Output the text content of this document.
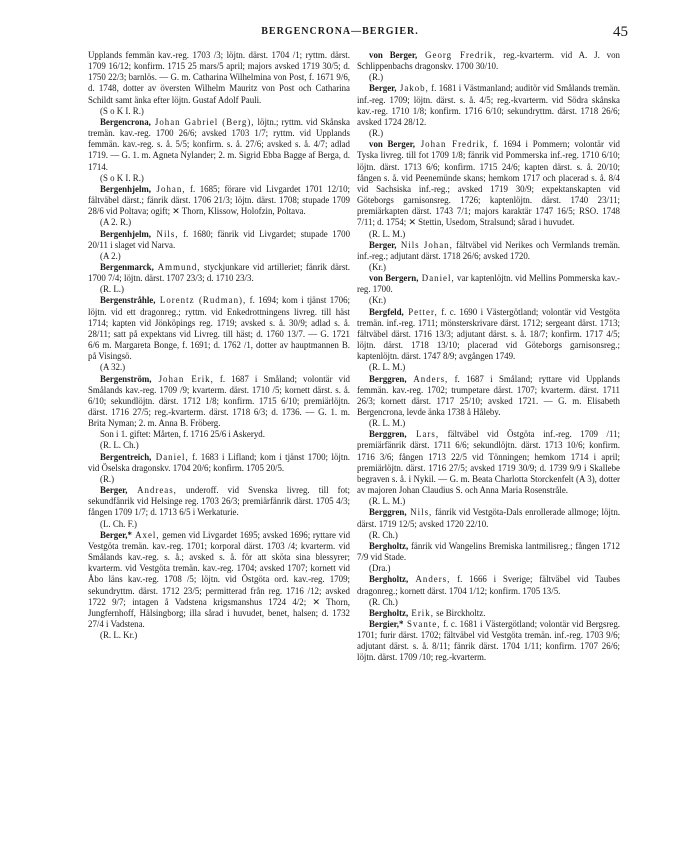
BERGENCRONA—BERGIER.	45

Upplands femmän kav.-reg. 1703 /3; löjtn. därst. 1704 /1; ryttm. därst. 1709 16/12; konfirm. 1715 25 mars/5 april; majors avsked 1719 30/5; d. 1750 22/3; barnlös. — G. m. Catharina Wilhelmina von Post, f. 1671 9/6, d. 1748, dotter av översten Wilhelm Mauritz von Post och Catharina Schildt samt änka efter löjtn. Gustaf Adolf Pauli.

(S o K I. R.)

Bergencrona, Johan Gabriel (Berg), löjtn.; ryttm. vid Skånska tremän. kav.-reg. 1700 26/6; avsked 1703 1/7; ryttm. vid Upplands femmän. kav.-reg. s. å. 5/5; konfirm. s. å. 27/6; avsked s. å. 4/7; adlad 1719. — G. 1. m. Agneta Nylander; 2. m. Sigrid Ebba Bagge af Berga, d. 1714.

(S o K I. R.)

Bergenhjelm, Johan, f. 1685; förare vid Livgardet 1701 12/10; fältväbel därst.; fänrik därst. 1706 21/3; löjtn. därst. 1708; stupade 1709 28/6 vid Poltava; ogift; ✕ Thorn, Klissow, Holofzin, Poltava.

(A 2. R.)

Bergenhjelm, Nils, f. 1680; fänrik vid Livgardet; stupade 1700 20/11 i slaget vid Narva.

(A 2.)

Bergenmarck, Ammund, styckjunkare vid artilleriet; fänrik därst. 1700 7/4; löjtn. därst. 1707 23/3; d. 1710 23/3.

(R. L.)

Bergenstråhle, Lorentz (Rudman), f. 1694; kom i tjänst 1706; löjtn. vid ett dragonreg.; ryttm. vid Enkedrottningens livreg. till häst 1714; kapten vid Jönköpings reg. 1719; avsked s. å. 30/9; adlad s. å. 28/11; satt på expektans vid Livreg. till häst; d. 1760 13/7. — G. 1721 6/6 m. Margareta Bonge, f. 1691; d. 1762 /1, dotter av hauptmannen B. på Visingsö.

(A 32.)

Bergenström, Johan Erik, f. 1687 i Småland; volontär vid Smålands kav.-reg. 1709 /9; kvarterm. därst. 1710 /5; kornett därst. s. å. 6/10; sekundlöjtn. därst. 1712 1/8; konfirm. 1715 6/10; premiärlöjtn. därst. 1716 27/5; reg.-kvarterm. därst. 1718 6/3; d. 1736. — G. 1. m. Brita Nyman; 2. m. Anna B. Fröberg.

Son i 1. giftet: Mårten, f. 1716 25/6 i Askeryd.

(R. L. Ch.)

Bergentreich, Daniel, f. 1683 i Lifland; kom i tjänst 1700; löjtn. vid Öselska dragonskv. 1704 20/6; konfirm. 1705 20/5.

(R.)

Berger, Andreas, underoff. vid Svenska livreg. till fot; sekundfänrik vid Helsinge reg. 1703 26/3; premiärfänrik därst. 1705 4/3; fången 1709 1/7; d. 1713 6/5 i Werkaturie.

(L. Ch. F.)

Berger,* Axel, gemen vid Livgardet 1695; avsked 1696; ryttare vid Vestgöta tremän. kav.-reg. 1701; korporal därst. 1703 /4; kvarterm. vid Smålands kav.-reg. s. å.; avsked s. å. för att sköta sina blessyrer; kvarterm. vid Vestgöta tremän. kav.-reg. 1704; avsked 1707; kornett vid Åbo läns kav.-reg. 1708 /5; löjtn. vid Östgöta ord. kav.-reg. 1709; sekundryttm. därst. 1712 23/5; permitterad från reg. 1716 /12; avsked 1722 9/7; intagen å Vadstena krigsmanshus 1724 4/2; ✕ Thorn, Jungfernhoff, Hälsingborg; illa sårad i huvudet, benet, halsen; d. 1732 27/4 i Vadstena.

(R. L. Kr.)

von Berger, Georg Fredrik, reg.-kvarterm. vid A. J. von Schlippenbachs dragonskv. 1700 30/10.

(R.)

Berger, Jakob, f. 1681 i Västmanland; auditör vid Smålands tremän. inf.-reg. 1709; löjtn. därst. s. å. 4/5; reg.-kvarterm. vid Södra skånska kav.-reg. 1710 1/8; konfirm. 1716 6/10; sekundryttm. därst. 1718 26/6; avsked 1724 28/12.

(R.)

von Berger, Johan Fredrik, f. 1694 i Pommern; volontär vid Tyska livreg. till fot 1709 1/8; fänrik vid Pommerska inf.-reg. 1710 6/10; löjtn. därst. 1713 6/6; konfirm. 1715 24/6; kapten därst. s. å. 20/10; fången s. å. vid Peenemünde skans; hemkom 1717 och placerad s. å. 8/4 vid Sachsiska inf.-reg.; avsked 1719 30/9; expektanskapten vid Göteborgs garnisonsreg. 1726; kaptenlöjtn. därst. 1740 23/11; premiärkapten därst. 1743 7/1; majors karaktär 1747 16/5; RSO. 1748 7/11; d. 1754; ✕ Stettin, Usedom, Stralsund; sårad i huvudet.

(R. L. M.)

Berger, Nils Johan, fältväbel vid Nerikes och Vermlands tremän. inf.-reg.; adjutant därst. 1718 26/6; avsked 1720.

(Kr.)

von Bergern, Daniel, var kaptenlöjtn. vid Mellins Pommerska kav.-reg. 1700.

(Kr.)

Bergfeld, Petter, f. c. 1690 i Västergötland; volontär vid Vestgöta tremän. inf.-reg. 1711; mönsterskrivare därst. 1712; sergeant därst. 1713; fältväbel därst. 1716 13/3; adjutant därst. s. å. 18/7; konfirm. 1717 4/5; löjtn. därst. 1718 13/10; placerad vid Göteborgs garnisonsreg.; kaptenlöjtn. därst. 1747 8/9; avgången 1749.

(R. L. M.)

Berggren, Anders, f. 1687 i Småland; ryttare vid Upplands femmän. kav.-reg. 1702; trumpetare därst. 1707; kvarterm. därst. 1711 26/3; kornett därst. 1717 25/10; avsked 1721. — G. m. Elisabeth Bergencrona, levde änka 1738 å Håleby.

(R. L. M.)

Berggren, Lars, fältväbel vid Östgöta inf.-reg. 1709 /11; premiärfänrik därst. 1711 6/6; sekundlöjtn. därst. 1713 10/6; konfirm. 1716 3/6; fången 1713 22/5 vid Tönningen; hemkom 1714 i april; premiärlöjtn. därst. 1716 27/5; avsked 1719 30/9; d. 1739 9/9 i Skallebe begraven s. å. i Nykil. — G. m. Beata Charlotta Storckenfelt (A 3), dotter av majoren Johan Claudius S. och Anna Maria Rosenstråle.

(R. L. M.)

Berggren, Nils, fänrik vid Vestgöta-Dals enrollerade allmoge; löjtn. därst. 1719 12/5; avsked 1720 22/10.

(R. Ch.)

Bergholtz, fänrik vid Wangelins Bremiska lantmilisreg.; fången 1712 7/9 vid Stade.

(Dra.)

Bergholtz, Anders, f. 1666 i Sverige; fältväbel vid Taubes dragonreg.; kornett därst. 1704 1/12; konfirm. 1705 13/5.

(R. Ch.)

Bergholtz, Erik, se Birckholtz.

Bergier,* Svante, f. c. 1681 i Västergötland; volontär vid Bergsreg. 1701; furir därst. 1702; fältväbel vid Vestgöta tremän. inf.-reg. 1703 9/6; adjutant därst. s. å. 8/11; fänrik därst. 1704 1/11; konfirm. 1707 26/6; löjtn. därst. 1709 /10; reg.-kvarterm.
